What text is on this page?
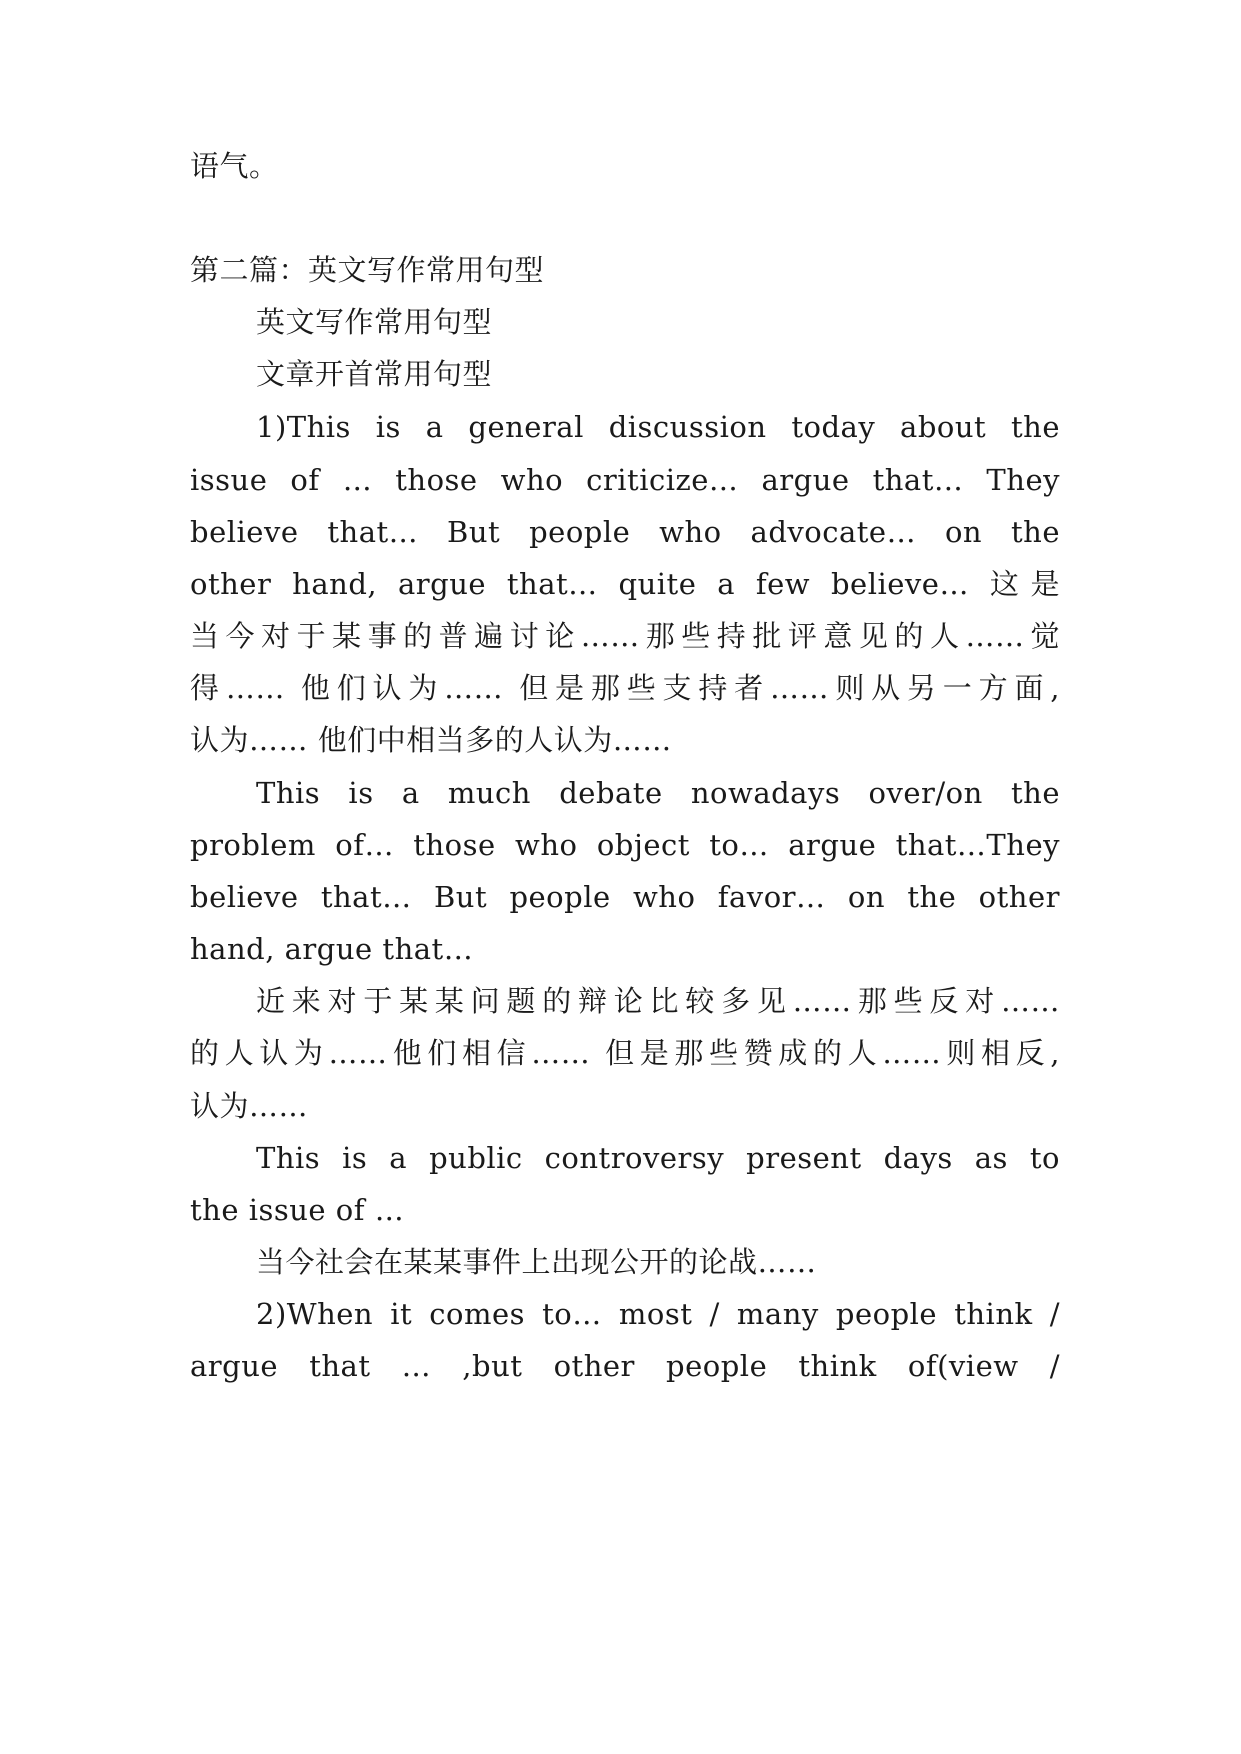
语气。
第二篇：英文写作常用句型
英文写作常用句型
文章开首常用句型
1)This is a general discussion today about the
issue of … those who criticize… argue that… They
believe that… But people who advocate… on the
other hand, argue that… quite a few believe… 这是
当今对于某事的普遍讨论……那些持批评意见的人……觉
得…… 他们认为…… 但是那些支持者……则从另一方面,
认为…… 他们中相当多的人认为……
This is a much debate nowadays over/on the
problem of… those who object to… argue that…They
believe that… But people who favor… on the other
hand, argue that…
近来对于某某问题的辩论比较多见……那些反对……
的人认为……他们相信…… 但是那些赞成的人……则相反,
认为……
This is a public controversy present days as to
the issue of …
当今社会在某某事件上出现公开的论战……
2)When it comes to… most / many people think /
argue that … ,but other people think of(view /
